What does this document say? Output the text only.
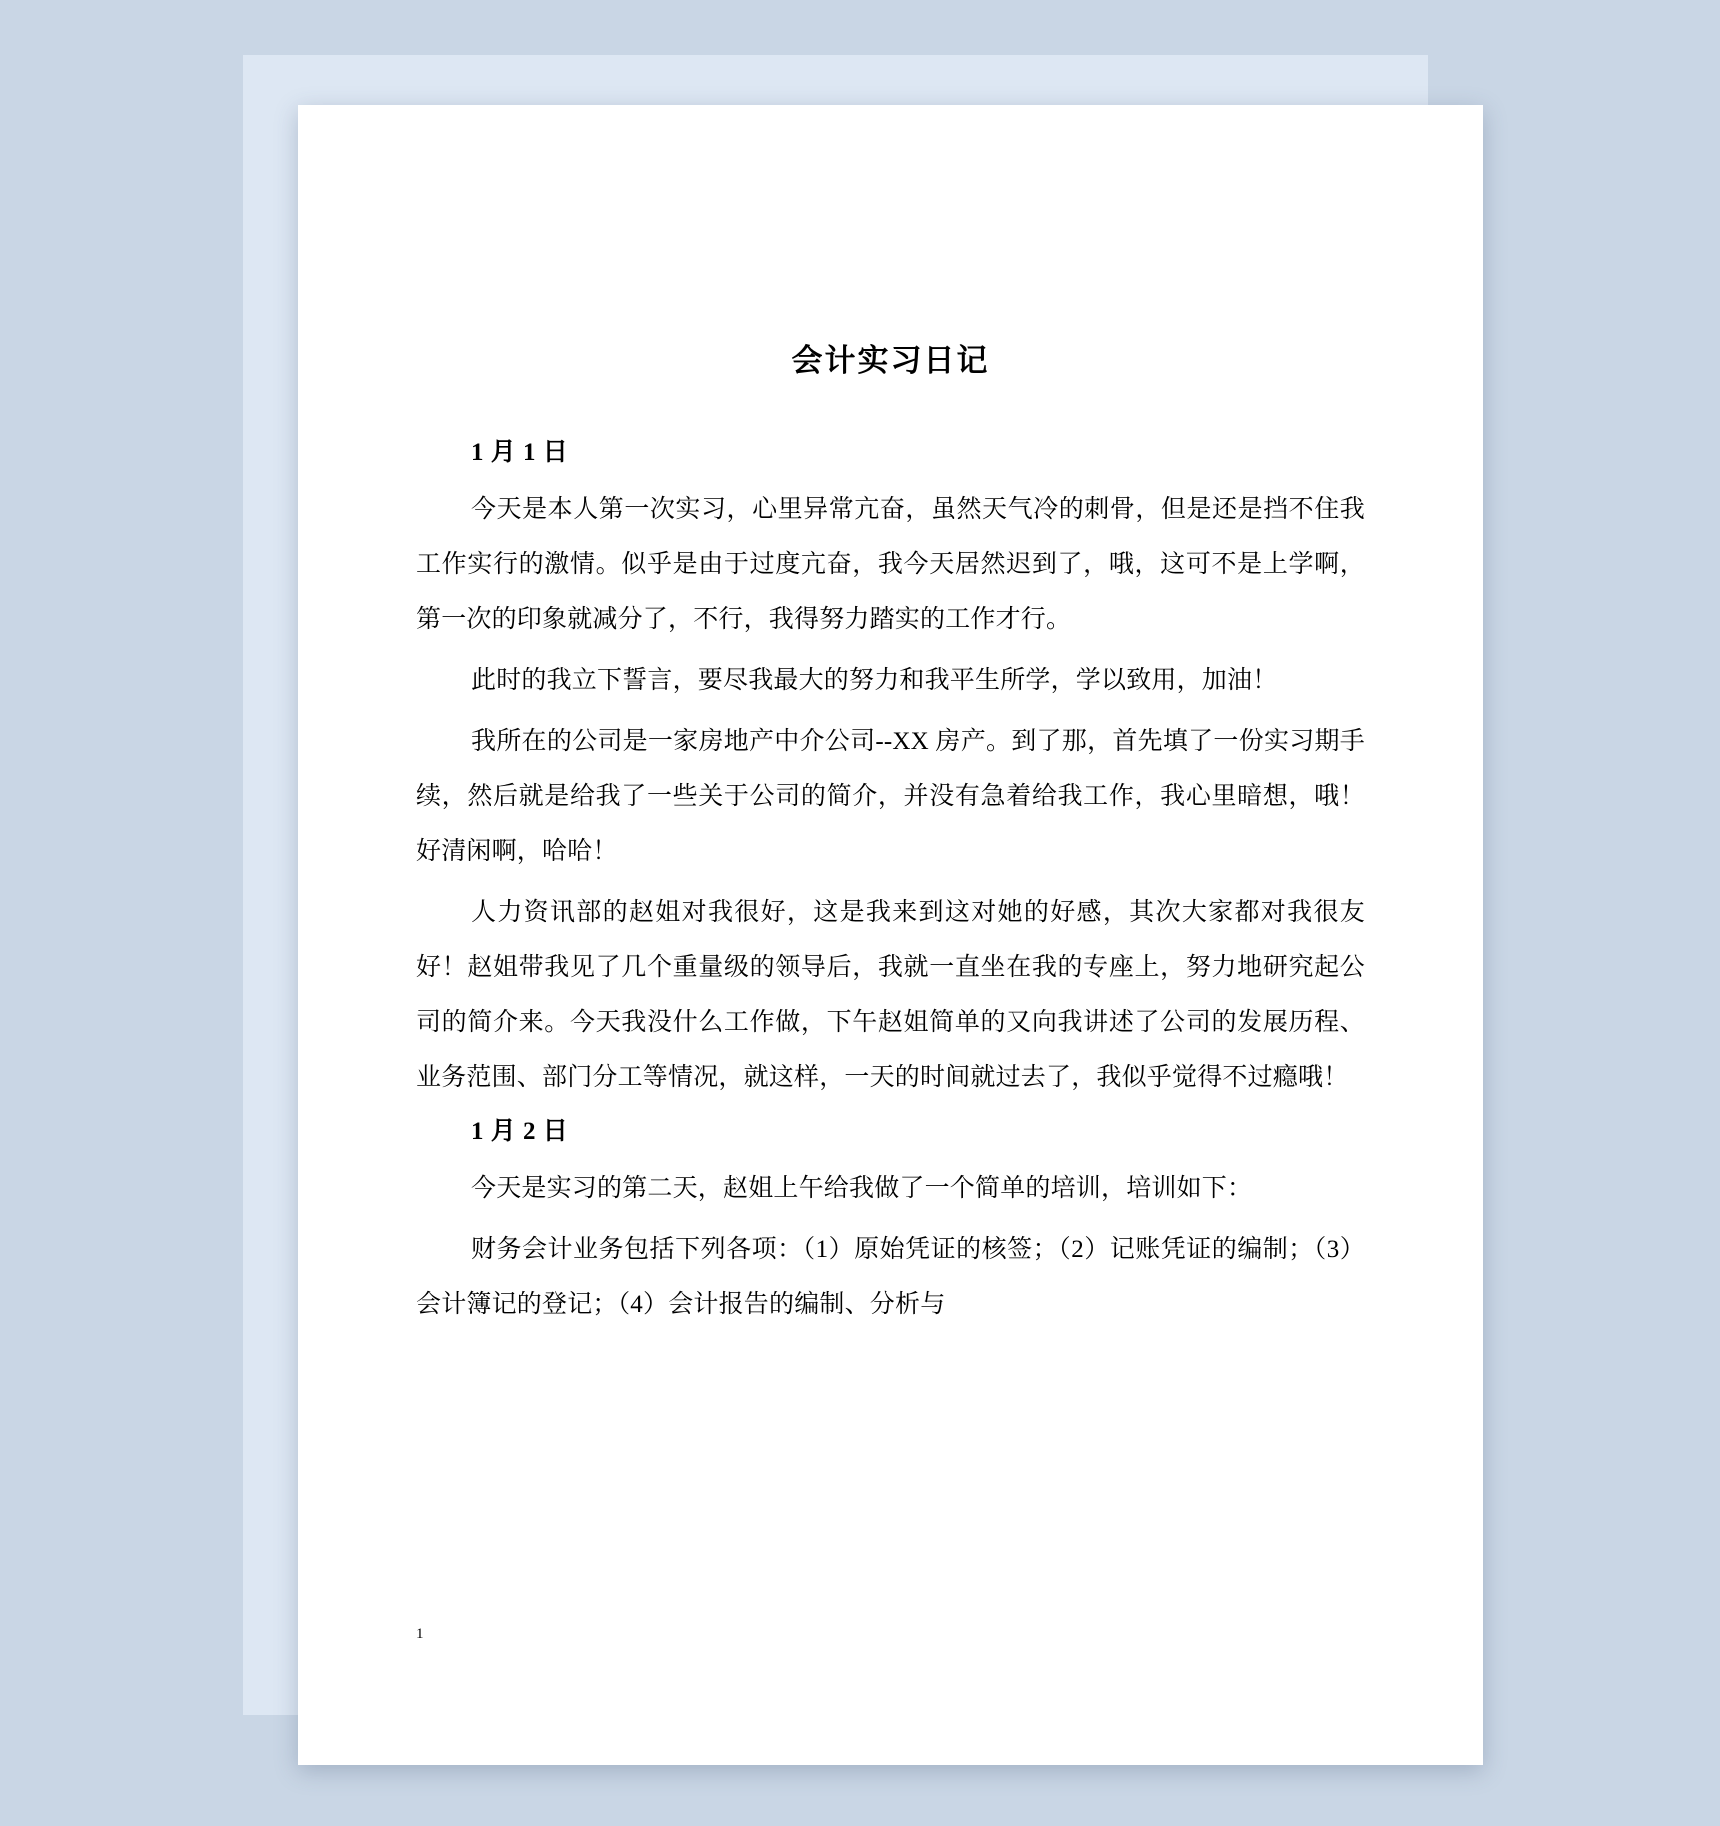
会计实习日记
1 月 1 日

今天是本人第一次实习，心里异常亢奋，虽然天气冷的刺骨，但是还是挡不住我工作实行的激情。似乎是由于过度亢奋，我今天居然迟到了，哦，这可不是上学啊，第一次的印象就减分了，不行，我得努力踏实的工作才行。

此时的我立下誓言，要尽我最大的努力和我平生所学，学以致用，加油！

我所在的公司是一家房地产中介公司--XX 房产。到了那，首先填了一份实习期手续，然后就是给我了一些关于公司的简介，并没有急着给我工作，我心里暗想，哦！好清闲啊，哈哈！

人力资讯部的赵姐对我很好，这是我来到这对她的好感，其次大家都对我很友好！赵姐带我见了几个重量级的领导后，我就一直坐在我的专座上，努力地研究起公司的简介来。今天我没什么工作做，下午赵姐简单的又向我讲述了公司的发展历程、业务范围、部门分工等情况，就这样，一天的时间就过去了，我似乎觉得不过瘾哦！

1 月 2 日

今天是实习的第二天，赵姐上午给我做了一个简单的培训，培训如下：

财务会计业务包括下列各项：（1）原始凭证的核签；（2）记账凭证的编制；（3）会计簿记的登记；（4）会计报告的编制、分析与

1
